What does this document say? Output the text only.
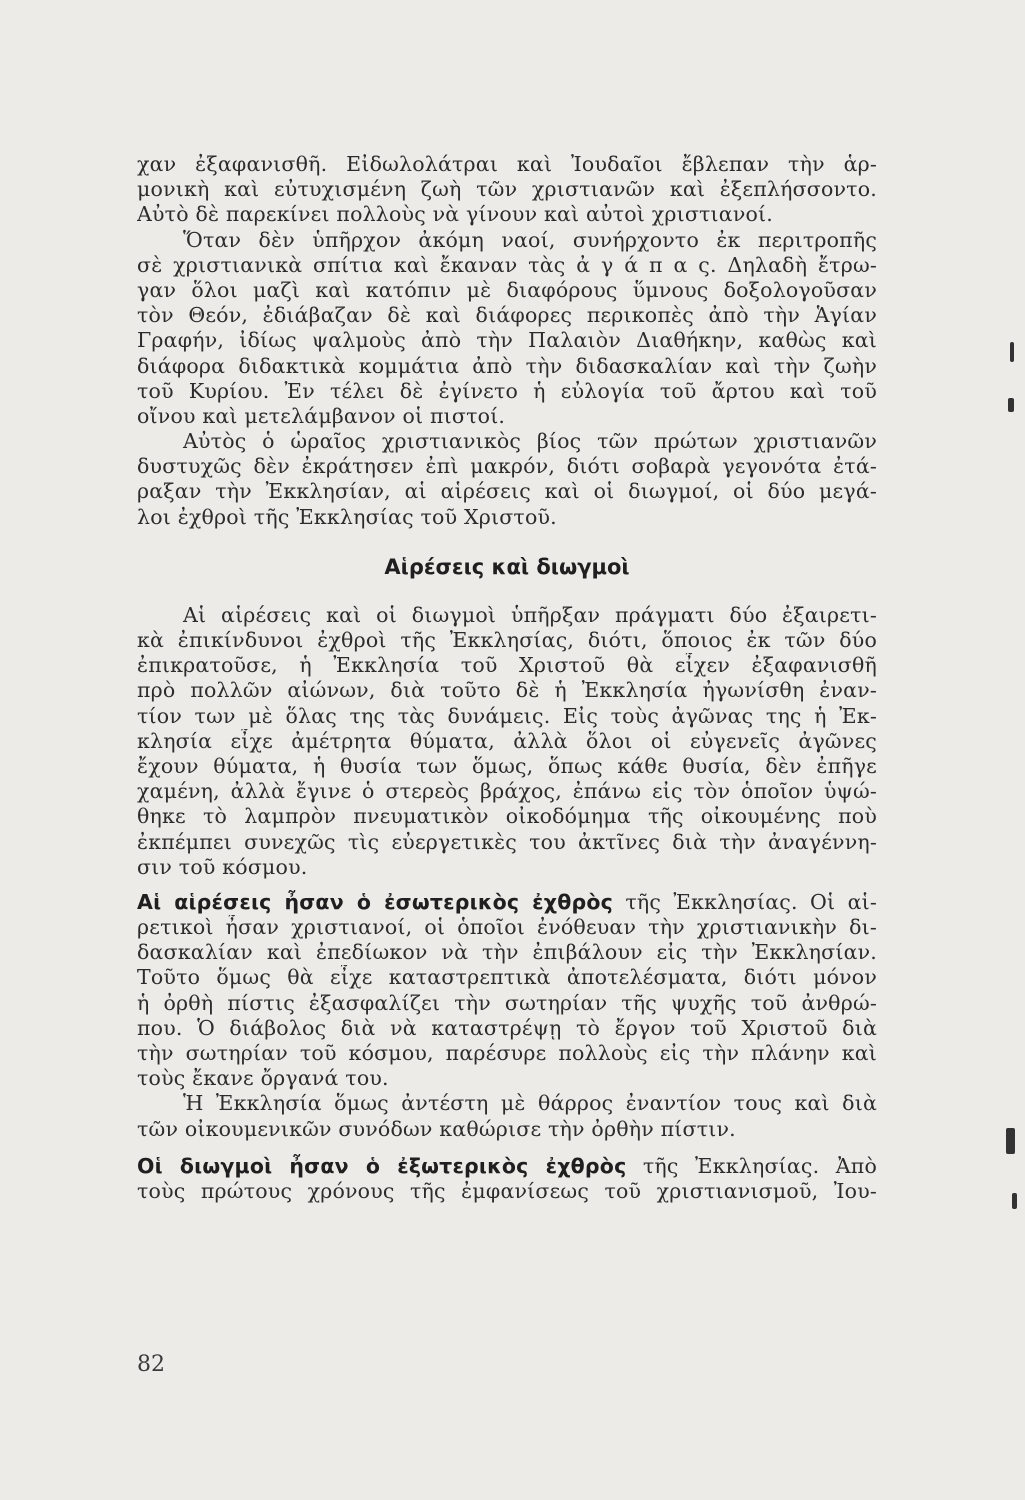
χαν ἐξαφανισθῆ. Εἰδωλολάτραι καὶ Ἰουδαῖοι ἔβλεπαν τὴν ἁρ-
μονικὴ καὶ εὐτυχισμένη ζωὴ τῶν χριστιανῶν καὶ ἐξεπλήσσοντο.
Αὐτὸ δὲ παρεκίνει πολλοὺς νὰ γίνουν καὶ αὐτοὶ χριστιανοί.
Ὅταν δὲν ὑπῆρχον ἀκόμη ναοί, συνήρχοντο ἐκ περιτροπῆς
σὲ χριστιανικὰ σπίτια καὶ ἔκαναν τὰς ἀ γ ά π α ς. Δηλαδὴ ἔτρω-
γαν ὅλοι μαζὶ καὶ κατόπιν μὲ διαφόρους ὕμνους δοξολογοῦσαν
τὸν Θεόν, ἐδιάβαζαν δὲ καὶ διάφορες περικοπὲς ἀπὸ τὴν Ἁγίαν
Γραφήν, ἰδίως ψαλμοὺς ἀπὸ τὴν Παλαιὸν Διαθήκην, καθὼς καὶ
διάφορα διδακτικὰ κομμάτια ἀπὸ τὴν διδασκαλίαν καὶ τὴν ζωὴν
τοῦ Κυρίου. Ἐν τέλει δὲ ἐγίνετο ἡ εὐλογία τοῦ ἄρτου καὶ τοῦ
οἴνου καὶ μετελάμβανον οἱ πιστοί.
Αὐτὸς ὁ ὡραῖος χριστιανικὸς βίος τῶν πρώτων χριστιανῶν
δυστυχῶς δὲν ἐκράτησεν ἐπὶ μακρόν, διότι σοβαρὰ γεγονότα ἐτά-
ραξαν τὴν Ἐκκλησίαν, αἱ αἱρέσεις καὶ οἱ διωγμοί, οἱ δύο μεγά-
λοι ἐχθροὶ τῆς Ἐκκλησίας τοῦ Χριστοῦ.
Αἱρέσεις καὶ διωγμοὶ
Αἱ αἱρέσεις καὶ οἱ διωγμοὶ ὑπῆρξαν πράγματι δύο ἐξαιρετι-
κὰ ἐπικίνδυνοι ἐχθροὶ τῆς Ἐκκλησίας, διότι, ὅποιος ἐκ τῶν δύο
ἐπικρατοῦσε, ἡ Ἐκκλησία τοῦ Χριστοῦ θὰ εἶχεν ἐξαφανισθῆ
πρὸ πολλῶν αἰώνων, διὰ τοῦτο δὲ ἡ Ἐκκλησία ἠγωνίσθη ἐναν-
τίον των μὲ ὅλας της τὰς δυνάμεις. Εἰς τοὺς ἀγῶνας της ἡ Ἐκ-
κλησία εἶχε ἀμέτρητα θύματα, ἀλλὰ ὅλοι οἱ εὐγενεῖς ἀγῶνες
ἔχουν θύματα, ἡ θυσία των ὅμως, ὅπως κάθε θυσία, δὲν ἐπῆγε
χαμένη, ἀλλὰ ἔγινε ὁ στερεὸς βράχος, ἐπάνω εἰς τὸν ὁποῖον ὑψώ-
θηκε τὸ λαμπρὸν πνευματικὸν οἰκοδόμημα τῆς οἰκουμένης ποὺ
ἐκπέμπει συνεχῶς τὶς εὐεργετικὲς του ἀκτῖνες διὰ τὴν ἀναγέννη-
σιν τοῦ κόσμου.
Αἱ αἱρέσεις ἦσαν ὁ ἐσωτερικὸς ἐχθρὸς τῆς Ἐκκλησίας. Οἱ αἱ-
ρετικοὶ ἦσαν χριστιανοί, οἱ ὁποῖοι ἐνόθευαν τὴν χριστιανικὴν δι-
δασκαλίαν καὶ ἐπεδίωκον νὰ τὴν ἐπιβάλουν εἰς τὴν Ἐκκλησίαν.
Τοῦτο ὅμως θὰ εἶχε καταστρεπτικὰ ἀποτελέσματα, διότι μόνον
ἡ ὀρθὴ πίστις ἐξασφαλίζει τὴν σωτηρίαν τῆς ψυχῆς τοῦ ἀνθρώ-
που. Ὁ διάβολος διὰ νὰ καταστρέψῃ τὸ ἔργον τοῦ Χριστοῦ διὰ
τὴν σωτηρίαν τοῦ κόσμου, παρέσυρε πολλοὺς εἰς τὴν πλάνην καὶ
τοὺς ἔκανε ὄργανά του.
Ἡ Ἐκκλησία ὅμως ἀντέστη μὲ θάρρος ἐναντίον τους καὶ διὰ
τῶν οἰκουμενικῶν συνόδων καθώρισε τὴν ὀρθὴν πίστιν.
Οἱ διωγμοὶ ἦσαν ὁ ἐξωτερικὸς ἐχθρὸς τῆς Ἐκκλησίας. Ἀπὸ
τοὺς πρώτους χρόνους τῆς ἐμφανίσεως τοῦ χριστιανισμοῦ, Ἰου-
82
